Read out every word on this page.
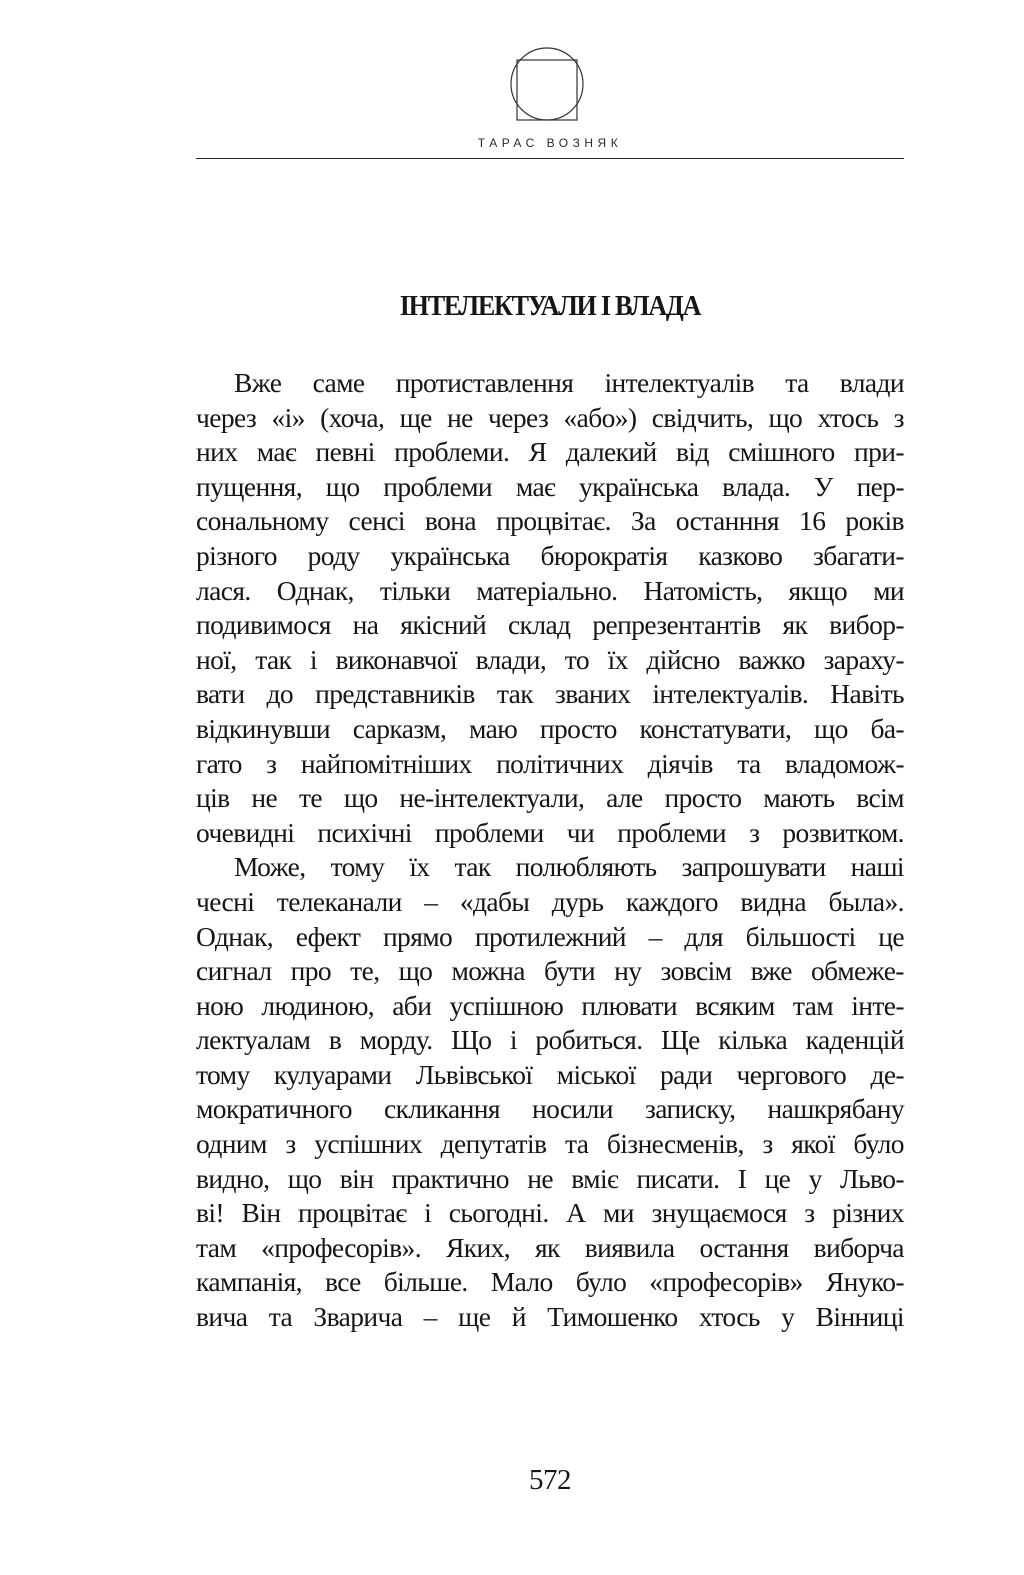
ТАРАС ВОЗНЯК
ІНТЕЛЕКТУАЛИ І ВЛАДА
Вже саме протиставлення інтелектуалів та влади
через «і» (хоча, ще не через «або») свідчить, що хтось з
них має певні проблеми. Я далекий від смішного при-
пущення, що проблеми має українська влада. У пер-
сональному сенсі вона процвітає. За останння 16 років
різного роду українська бюрократія казково збагати-
лася. Однак, тільки матеріально. Натомість, якщо ми
подивимося на якісний склад репрезентантів як вибор-
ної, так і виконавчої влади, то їх дійсно важко зараху-
вати до представників так званих інтелектуалів. Навіть
відкинувши сарказм, маю просто констатувати, що ба-
гато з найпомітніших політичних діячів та владомож-
ців не те що не-інтелектуали, але просто мають всім
очевидні психічні проблеми чи проблеми з розвитком.
Може, тому їх так полюбляють запрошувати наші
чесні телеканали – «дабы дурь каждого видна была».
Однак, ефект прямо протилежний – для більшості це
сигнал про те, що можна бути ну зовсім вже обмеже-
ною людиною, аби успішною плювати всяким там інте-
лектуалам в морду. Що і робиться. Ще кілька каденцій
тому кулуарами Львівської міської ради чергового де-
мократичного скликання носили записку, нашкрябану
одним з успішних депутатів та бізнесменів, з якої було
видно, що він практично не вміє писати. І це у Льво-
ві! Він процвітає і сьогодні. А ми знущаємося з різних
там «професорів». Яких, як виявила остання виборча
кампанія, все більше. Мало було «професорів» Януко-
вича та Зварича – ще й Тимошенко хтось у Вінниці
572
